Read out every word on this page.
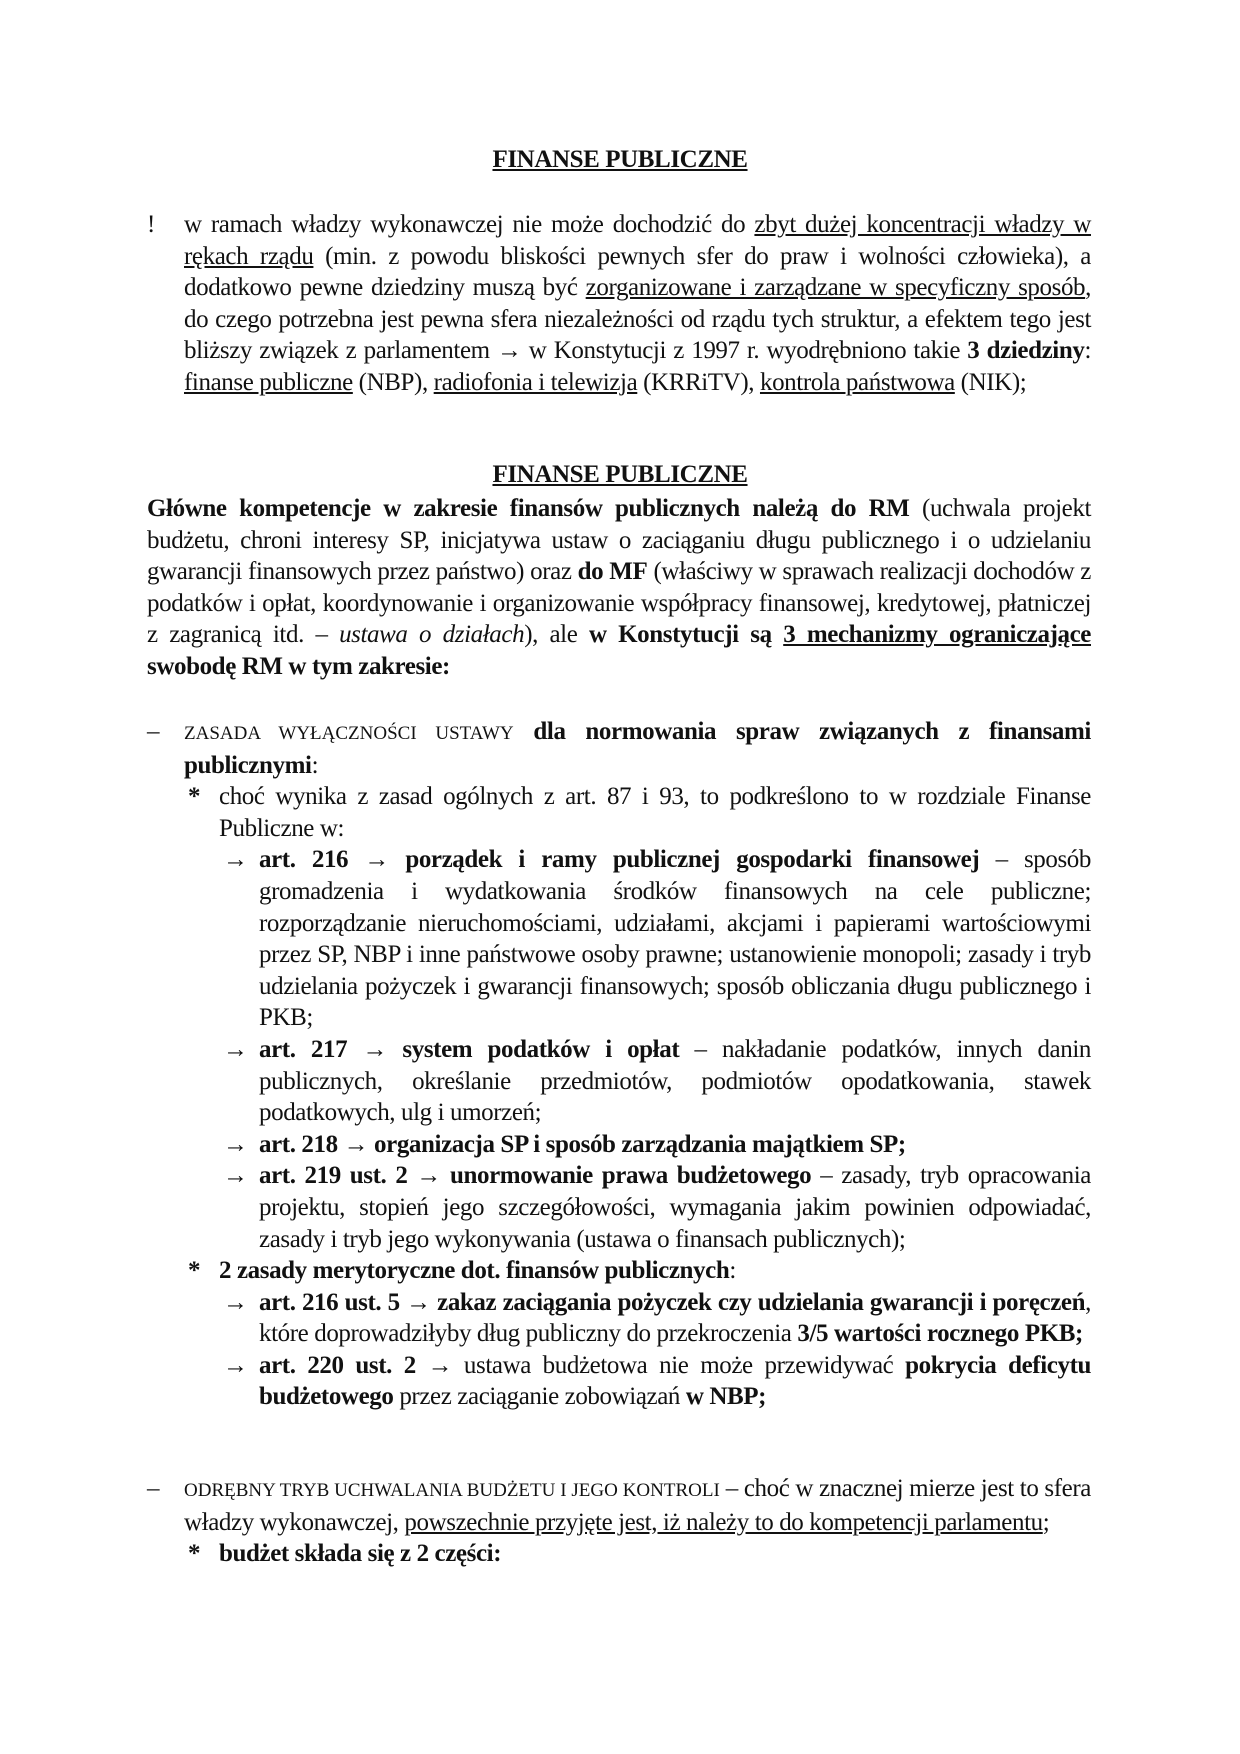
FINANSE PUBLICZNE
! w ramach władzy wykonawczej nie może dochodzić do zbyt dużej koncentracji władzy w rękach rządu (min. z powodu bliskości pewnych sfer do praw i wolności człowieka), a dodatkowo pewne dziedziny muszą być zorganizowane i zarządzane w specyficzny sposób, do czego potrzebna jest pewna sfera niezależności od rządu tych struktur, a efektem tego jest bliższy związek z parlamentem → w Konstytucji z 1997 r. wyodrębniono takie 3 dziedziny: finanse publiczne (NBP), radiofonia i telewizja (KRRiTV), kontrola państwowa (NIK);
FINANSE PUBLICZNE
Główne kompetencje w zakresie finansów publicznych należą do RM (uchwala projekt budżetu, chroni interesy SP, inicjatywa ustaw o zaciąganiu długu publicznego i o udzielaniu gwarancji finansowych przez państwo) oraz do MF (właściwy w sprawach realizacji dochodów z podatków i opłat, koordynowanie i organizowanie współpracy finansowej, kredytowej, płatniczej z zagranicą itd. – ustawa o działach), ale w Konstytucji są 3 mechanizmy ograniczające swobodę RM w tym zakresie:
– ZASADA WYŁĄCZNOŚCI USTAWY dla normowania spraw związanych z finansami publicznymi:
* choć wynika z zasad ogólnych z art. 87 i 93, to podkreślono to w rozdziale Finanse Publiczne w:
→ art. 216 → porządek i ramy publicznej gospodarki finansowej – sposób gromadzenia i wydatkowania środków finansowych na cele publiczne; rozporządzanie nieruchomościami, udziałami, akcjami i papierami wartościowymi przez SP, NBP i inne państwowe osoby prawne; ustanowienie monopoli; zasady i tryb udzielania pożyczek i gwarancji finansowych; sposób obliczania długu publicznego i PKB;
→ art. 217 → system podatków i opłat – nakładanie podatków, innych danin publicznych, określanie przedmiotów, podmiotów opodatkowania, stawek podatkowych, ulg i umorzeń;
→ art. 218 → organizacja SP i sposób zarządzania majątkiem SP;
→ art. 219 ust. 2 → unormowanie prawa budżetowego – zasady, tryb opracowania projektu, stopień jego szczegółowości, wymagania jakim powinien odpowiadać, zasady i tryb jego wykonywania (ustawa o finansach publicznych);
* 2 zasady merytoryczne dot. finansów publicznych:
→ art. 216 ust. 5 → zakaz zaciągania pożyczek czy udzielania gwarancji i poręczeń, które doprowadziłyby dług publiczny do przekroczenia 3/5 wartości rocznego PKB;
→ art. 220 ust. 2 → ustawa budżetowa nie może przewidywać pokrycia deficytu budżetowego przez zaciąganie zobowiązań w NBP;
– ODRĘBNY TRYB UCHWALANIA BUDŻETU I JEGO KONTROLI – choć w znacznej mierze jest to sfera władzy wykonawczej, powszechnie przyjęte jest, iż należy to do kompetencji parlamentu;
* budżet składa się z 2 części:
